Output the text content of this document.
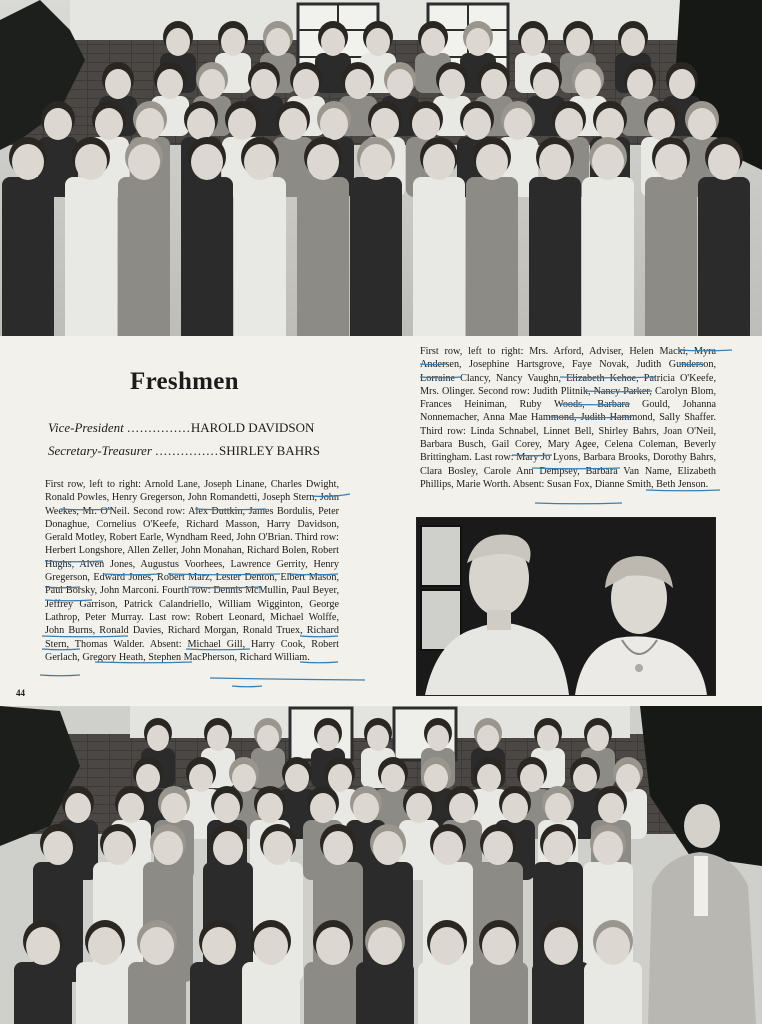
Freshmen
Vice-President ...............HAROLD DAVIDSON
Secretary-Treasurer ...............SHIRLEY BAHRS
First row, left to right: Arnold Lane, Joseph Linane, Charles Dwight, Ronald Powles, Henry Gregerson, John Romandetti, Joseph Stern, John Weekes, Mr. O'Neil. Second row: Alex Duttkin, James Bordulis, Peter Donaghue, Cornelius O'Keefe, Richard Masson, Harry Davidson, Gerald Motley, Robert Earle, Wyndham Reed, John O'Brian. Third row: Herbert Longshore, Allen Zeller, John Monahan, Richard Bolen, Robert Hughs, Alven Jones, Augustus Voorhees, Lawrence Gerrity, Henry Gregerson, Edward Jones, Robert Marz, Lester Denton, Elbert Mason, Paul Borsky, John Marconi. Fourth row: Dennis McMullin, Paul Beyer, Jeffrey Garrison, Patrick Calandriello, William Wigginton, George Lathrop, Peter Murray. Last row: Robert Leonard, Michael Wolffe, John Burns, Ronald Davies, Richard Morgan, Ronald Truex, Richard Stern, Thomas Walder. Absent: Michael Gill, Harry Cook, Robert Gerlach, Gregory Heath, Stephen MacPherson, Richard William.
First row, left to right: Mrs. Arford, Adviser, Helen Macki, Myra Andersen, Josephine Hartsgrove, Faye Novak, Judith Gunderson, Lorraine Clancy, Nancy Vaughn, Elizabeth Kehoe, Patricia O'Keefe, Mrs. Olinger. Second row: Judith Plitnik, Nancy Parker, Carolyn Blom, Frances Heiniman, Ruby Woods, Barbara Gould, Johanna Nonnemacher, Anna Mae Hammond, Judith Hammond, Sally Shaffer. Third row: Linda Schnabel, Linnet Bell, Shirley Bahrs, Joan O'Neil, Barbara Busch, Gail Corey, Mary Agee, Celena Coleman, Beverly Brittingham. Last row: Mary Jo Lyons, Barbara Brooks, Dorothy Bahrs, Clara Bosley, Carole Ann Dempsey, Barbara Van Name, Elizabeth Phillips, Marie Worth. Absent: Susan Fox, Dianne Smith, Beth Jenson.
44
